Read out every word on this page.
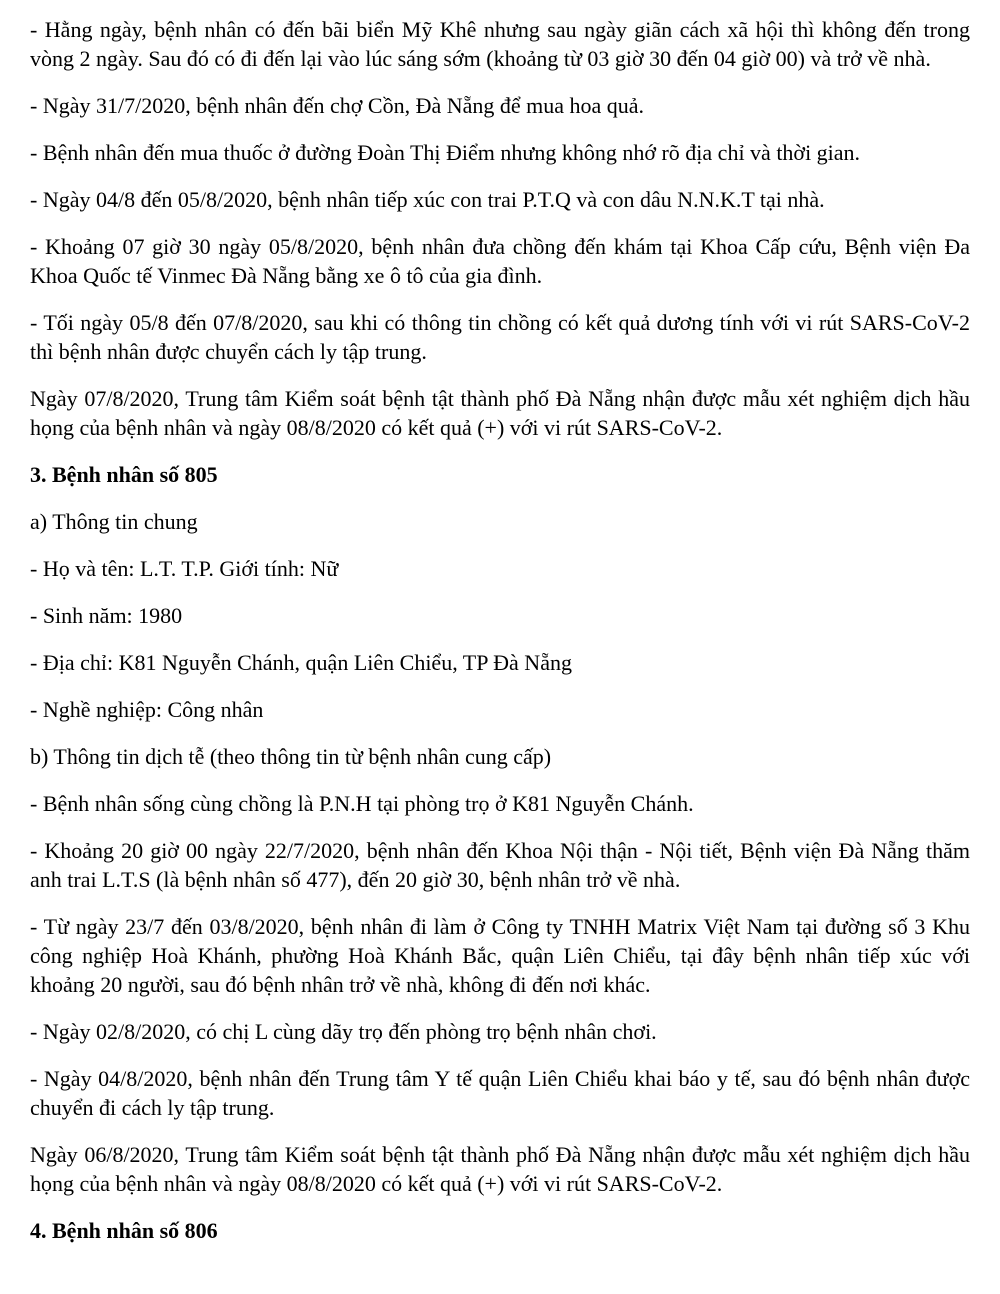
- Hằng ngày, bệnh nhân có đến bãi biển Mỹ Khê nhưng sau ngày giãn cách xã hội thì không đến trong vòng 2 ngày. Sau đó có đi đến lại vào lúc sáng sớm (khoảng từ 03 giờ 30 đến 04 giờ 00) và trở về nhà.

- Ngày 31/7/2020, bệnh nhân đến chợ Cồn, Đà Nẵng để mua hoa quả.

- Bệnh nhân đến mua thuốc ở đường Đoàn Thị Điểm nhưng không nhớ rõ địa chỉ và thời gian.

- Ngày 04/8 đến 05/8/2020, bệnh nhân tiếp xúc con trai P.T.Q và con dâu N.N.K.T tại nhà.

- Khoảng 07 giờ 30 ngày 05/8/2020, bệnh nhân đưa chồng đến khám tại Khoa Cấp cứu, Bệnh viện Đa Khoa Quốc tế Vinmec Đà Nẵng bằng xe ô tô của gia đình.

- Tối ngày 05/8 đến 07/8/2020, sau khi có thông tin chồng có kết quả dương tính với vi rút SARS-CoV-2 thì bệnh nhân được chuyển cách ly tập trung.

Ngày 07/8/2020, Trung tâm Kiểm soát bệnh tật thành phố Đà Nẵng nhận được mẫu xét nghiệm dịch hầu họng của bệnh nhân và ngày 08/8/2020 có kết quả (+) với vi rút SARS-CoV-2.

3. Bệnh nhân số 805

a) Thông tin chung

- Họ và tên: L.T. T.P. Giới tính: Nữ

- Sinh năm: 1980

- Địa chỉ: K81 Nguyễn Chánh, quận Liên Chiểu, TP Đà Nẵng

- Nghề nghiệp: Công nhân

b) Thông tin dịch tễ (theo thông tin từ bệnh nhân cung cấp)

- Bệnh nhân sống cùng chồng là P.N.H tại phòng trọ ở K81 Nguyễn Chánh.

- Khoảng 20 giờ 00 ngày 22/7/2020, bệnh nhân đến Khoa Nội thận - Nội tiết, Bệnh viện Đà Nẵng thăm anh trai L.T.S (là bệnh nhân số 477), đến 20 giờ 30, bệnh nhân trở về nhà.

- Từ ngày 23/7 đến 03/8/2020, bệnh nhân đi làm ở Công ty TNHH Matrix Việt Nam tại đường số 3 Khu công nghiệp Hoà Khánh, phường Hoà Khánh Bắc, quận Liên Chiểu, tại đây bệnh nhân tiếp xúc với khoảng 20 người, sau đó bệnh nhân trở về nhà, không đi đến nơi khác.

- Ngày 02/8/2020, có chị L cùng dãy trọ đến phòng trọ bệnh nhân chơi.

- Ngày 04/8/2020, bệnh nhân đến Trung tâm Y tế quận Liên Chiểu khai báo y tế, sau đó bệnh nhân được chuyển đi cách ly tập trung.

Ngày 06/8/2020, Trung tâm Kiểm soát bệnh tật thành phố Đà Nẵng nhận được mẫu xét nghiệm dịch hầu họng của bệnh nhân và ngày 08/8/2020 có kết quả (+) với vi rút SARS-CoV-2.

4. Bệnh nhân số 806
